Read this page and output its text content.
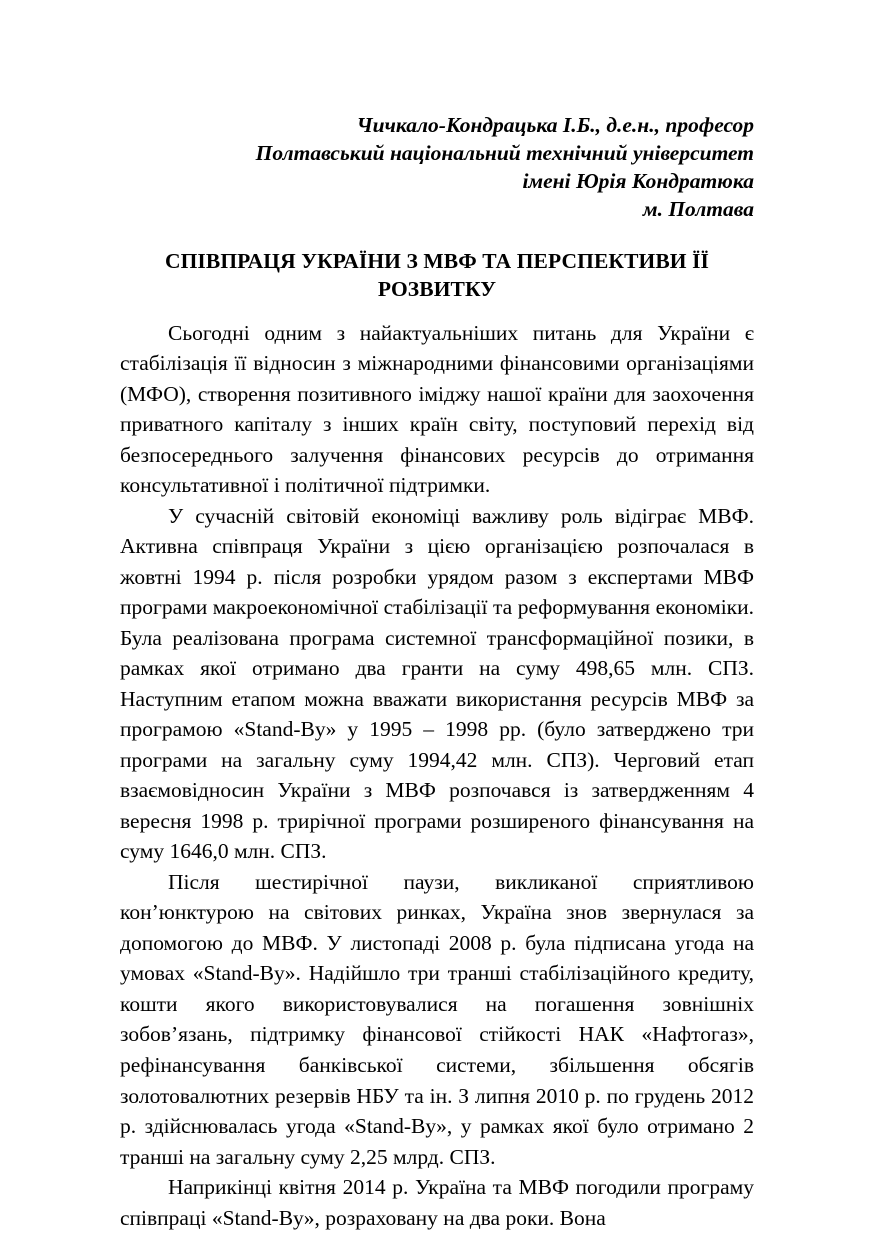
Чичкало-Кондрацька І.Б., д.е.н., професор
Полтавський національний технічний університет
імені Юрія Кондратюка
м. Полтава
СПІВПРАЦЯ УКРАЇНИ З МВФ ТА ПЕРСПЕКТИВИ ЇЇ РОЗВИТКУ

Сьогодні одним з найактуальніших питань для України є стабілізація її відносин з міжнародними фінансовими організаціями (МФО), створення позитивного іміджу нашої країни для заохочення приватного капіталу з інших країн світу, поступовий перехід від безпосереднього залучення фінансових ресурсів до отримання консультативної і політичної підтримки.

У сучасній світовій економіці важливу роль відіграє МВФ. Активна співпраця України з цією організацією розпочалася в жовтні 1994 р. після розробки урядом разом з експертами МВФ програми макроекономічної стабілізації та реформування економіки. Була реалізована програма системної трансформаційної позики, в рамках якої отримано два гранти на суму 498,65 млн. СПЗ. Наступним етапом можна вважати використання ресурсів МВФ за програмою «Stand-By» у 1995 – 1998 рр. (було затверджено три програми на загальну суму 1994,42 млн. СПЗ). Черговий етап взаємовідносин України з МВФ розпочався із затвердженням 4 вересня 1998 р. трирічної програми розширеного фінансування на суму 1646,0 млн. СПЗ.

Після шестирічної паузи, викликаної сприятливою кон’юнктурою на світових ринках, Україна знов звернулася за допомогою до МВФ. У листопаді 2008 р. була підписана угода на умовах «Stand-By». Надійшло три транші стабілізаційного кредиту, кошти якого використовувалися на погашення зовнішніх зобов’язань, підтримку фінансової стійкості НАК «Нафтогаз», рефінансування банківської системи, збільшення обсягів золотовалютних резервів НБУ та ін. З липня 2010 р. по грудень 2012 р. здійснювалась угода «Stand-By», у рамках якої було отримано 2 транші на загальну суму 2,25 млрд. СПЗ.

Наприкінці квітня 2014 р. Україна та МВФ погодили програму співпраці «Stand-By», розраховану на два роки. Вона
